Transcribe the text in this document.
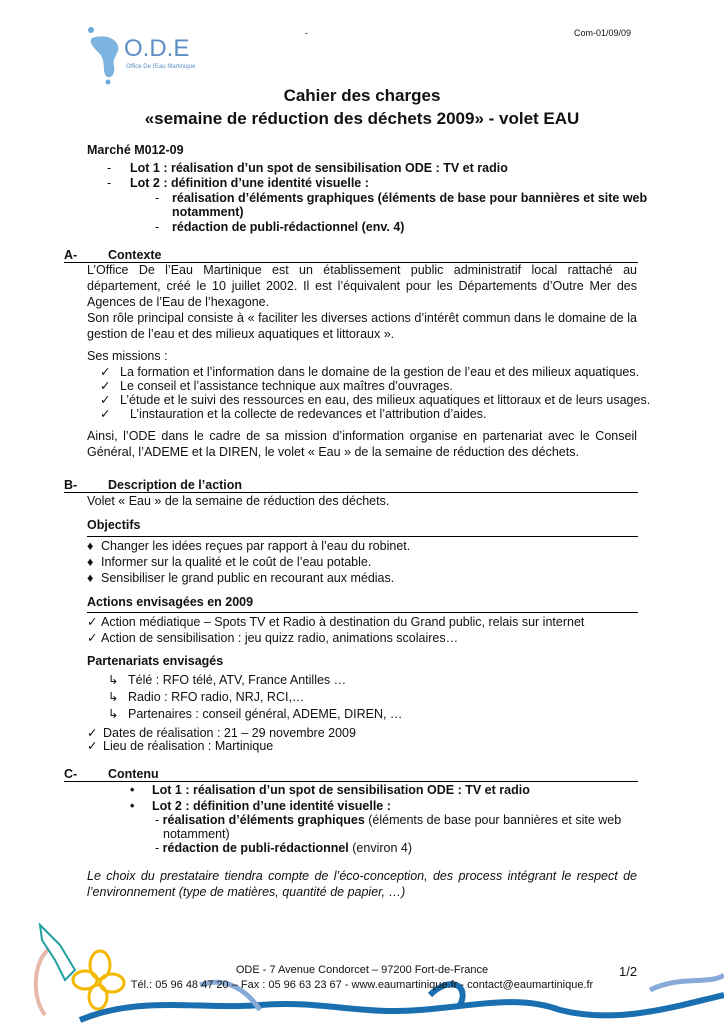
-	Com-01/09/09
O.D.E
Office De l'Eau Martinique
Cahier des charges
«semaine de réduction des déchets 2009» - volet EAU
Marché M012-09
- Lot 1 : réalisation d’un spot de sensibilisation ODE : TV et radio
- Lot 2 : définition d’une identité visuelle :
- réalisation d’éléments graphiques (éléments de base pour bannières et site web
notamment)
- rédaction de publi-rédactionnel (env. 4)
A- Contexte
L’Office De l’Eau Martinique est un établissement public administratif local rattaché au département, créé le 10 juillet 2002. Il est l’équivalent pour les Départements d’Outre Mer des Agences de l’Eau de l’hexagone.
Son rôle principal consiste à « faciliter les diverses actions d’intérêt commun dans le domaine de la gestion de l’eau et des milieux aquatiques et littoraux ».
Ses missions :
✓ La formation et l’information dans le domaine de la gestion de l’eau et des milieux aquatiques.
✓ Le conseil et l’assistance technique aux maîtres d’ouvrages.
✓ L’étude et le suivi des ressources en eau, des milieux aquatiques et littoraux et de leurs usages.
✓ L’instauration et la collecte de redevances et l’attribution d’aides.
Ainsi, l’ODE dans le cadre de sa mission d’information organise en partenariat avec le Conseil Général, l’ADEME et la DIREN, le volet « Eau » de la semaine de réduction des déchets.
B- Description de l’action
Volet « Eau » de la semaine de réduction des déchets.
Objectifs
♦ Changer les idées reçues par rapport à l’eau du robinet.
♦ Informer sur la qualité et le coût de l’eau potable.
♦ Sensibiliser le grand public en recourant aux médias.
Actions envisagées en 2009
✓ Action médiatique – Spots TV et Radio à destination du Grand public, relais sur internet
✓ Action de sensibilisation : jeu quizz radio, animations scolaires…
Partenariats envisagés
↳ Télé : RFO télé, ATV, France Antilles …
↳ Radio : RFO radio, NRJ, RCI,…
↳ Partenaires : conseil général, ADEME, DIREN, …
✓ Dates de réalisation : 21 – 29 novembre 2009
✓ Lieu de réalisation : Martinique
C- Contenu
• Lot 1 : réalisation d’un spot de sensibilisation ODE : TV et radio
• Lot 2 : définition d’une identité visuelle :
- réalisation d’éléments graphiques (éléments de base pour bannières et site web
notamment)
- rédaction de publi-rédactionnel (environ 4)
Le choix du prestataire tiendra compte de l’éco-conception, des process intégrant le respect de l’environnement (type de matières, quantité de papier, …)
ODE - 7 Avenue Condorcet – 97200 Fort-de-France
Tél.: 05 96 48 47 20 – Fax : 05 96 63 23 67 - www.eaumartinique.fr - contact@eaumartinique.fr
1/2
